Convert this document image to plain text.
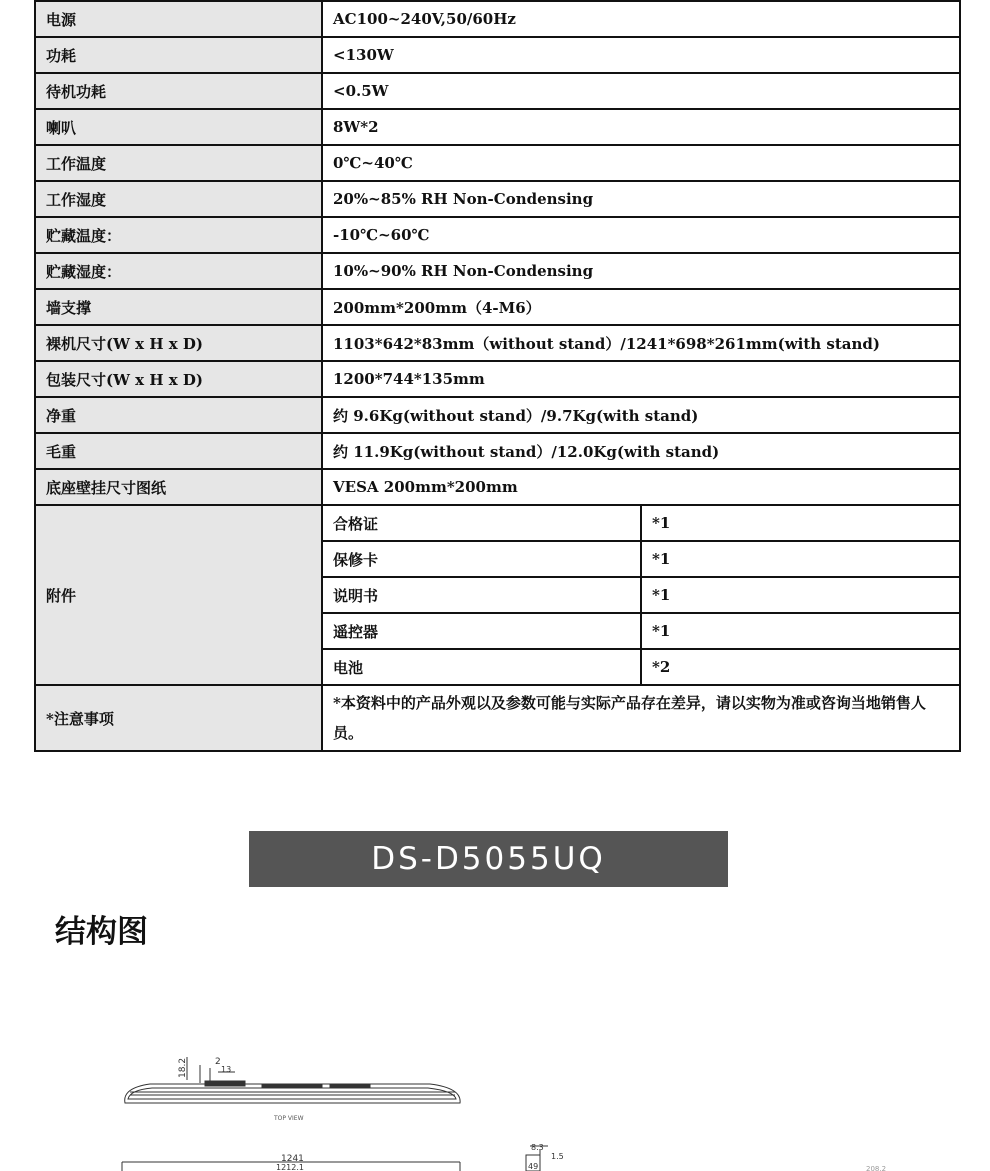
电源	AC100~240V,50/60Hz	
功耗	<130W	
待机功耗	<0.5W	
喇叭	8W*2	
工作温度	0℃~40℃	
工作湿度	20%~85% RH Non-Condensing	
贮藏温度：	-10℃~60℃	
贮藏湿度：	10%~90% RH Non-Condensing	
墙支撑	200mm*200mm（4-M6）	
裸机尺寸(W x H x D)	1103*642*83mm（without stand）/1241*698*261mm(with stand)	
包装尺寸(W x H x D)	1200*744*135mm	
净重	约 9.6Kg(without stand）/9.7Kg(with stand)	
毛重	约 11.9Kg(without stand）/12.0Kg(with stand)	
底座壁挂尺寸图纸	VESA 200mm*200mm	
附件	合格证	*1
	保修卡	*1
	说明书	*1
	遥控器	*1
	电池	*2
*注意事项	*本资料中的产品外观以及参数可能与实际产品存在差异，请以实物为准或咨询当地销售人员。	
DS-D5055UQ
结构图
18.2	2
13
TOP VIEW
1241
1212.1
8.3
1.5
49	208.2
